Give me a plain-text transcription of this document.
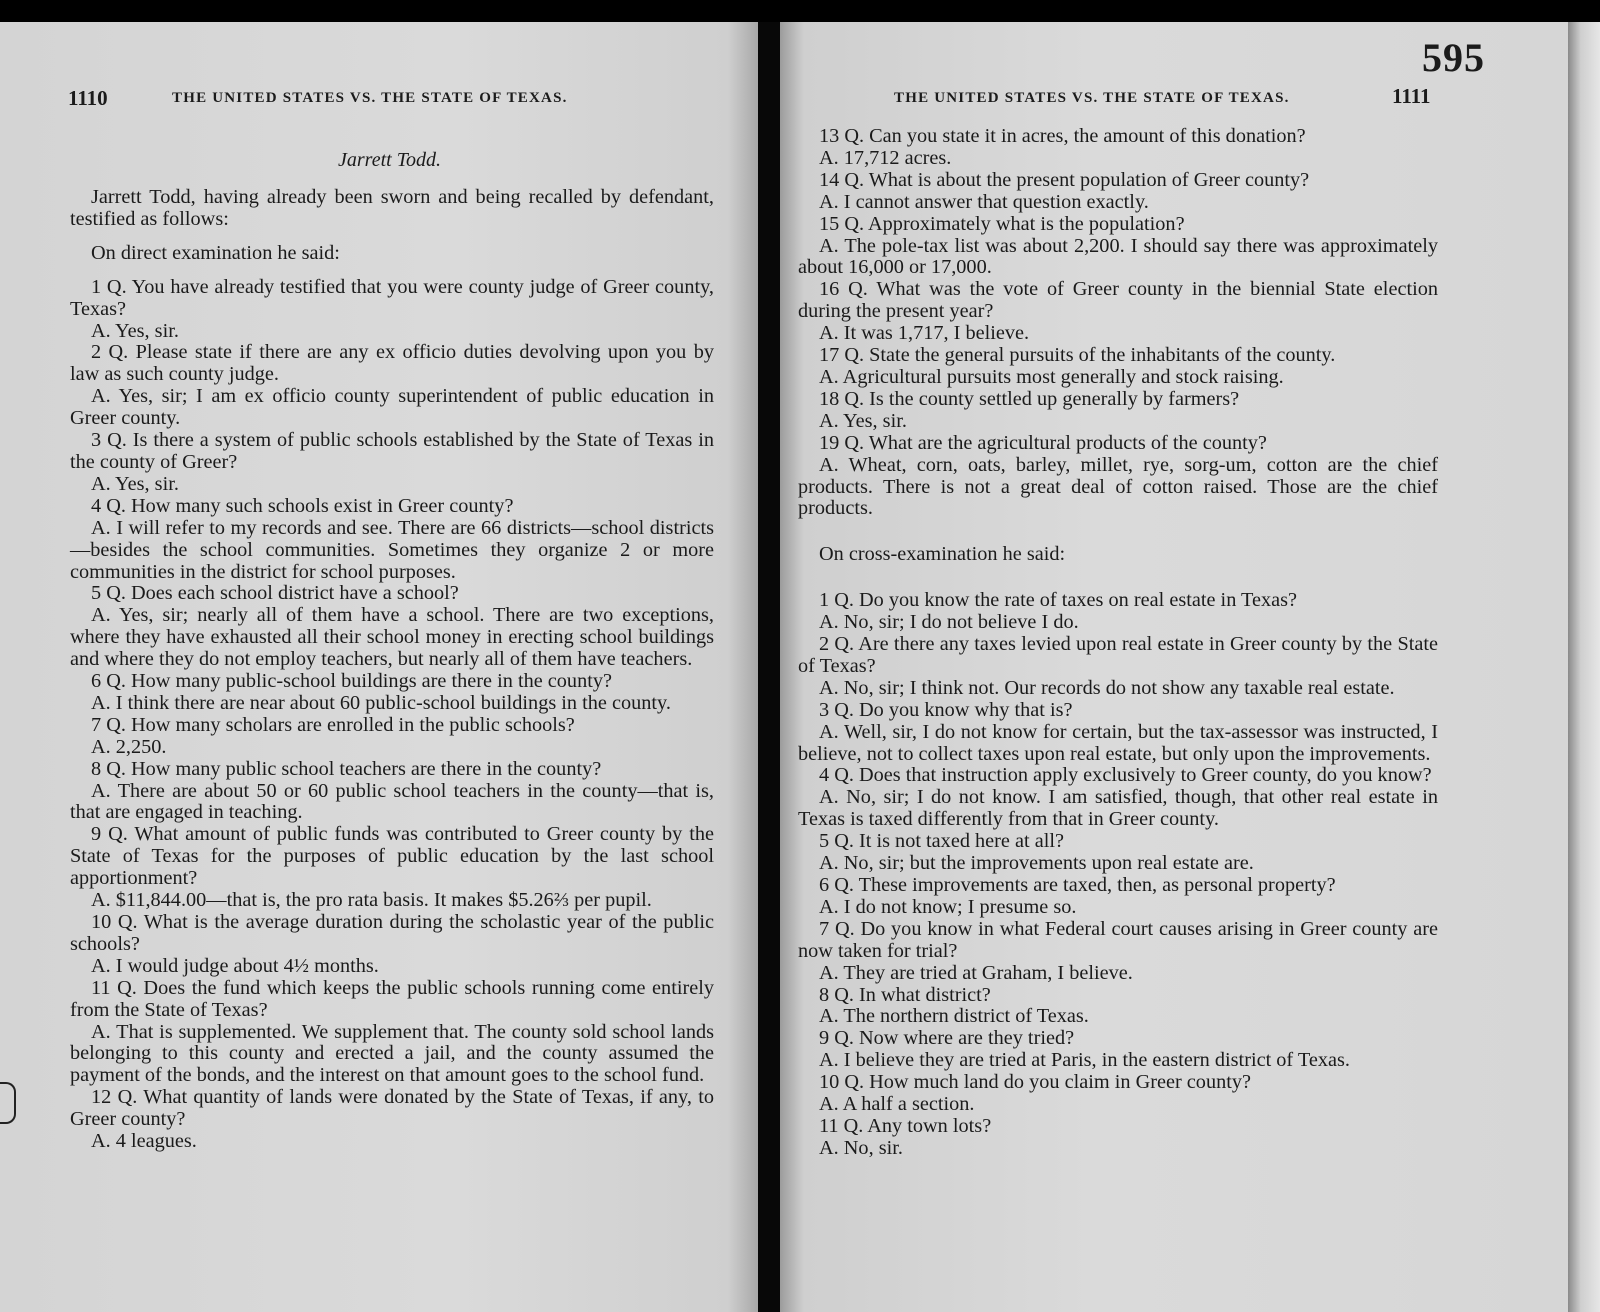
1110	THE UNITED STATES VS. THE STATE OF TEXAS.
Jarrett Todd.

Jarrett Todd, having already been sworn and being recalled by defendant, testified as follows:

On direct examination he said:

1 Q. You have already testified that you were county judge of Greer county, Texas?

A. Yes, sir.

2 Q. Please state if there are any ex officio duties devolving upon you by law as such county judge.

A. Yes, sir; I am ex officio county superintendent of public education in Greer county.

3 Q. Is there a system of public schools established by the State of Texas in the county of Greer?

A. Yes, sir.

4 Q. How many such schools exist in Greer county?

A. I will refer to my records and see. There are 66 districts—school districts—besides the school communities. Sometimes they organize 2 or more communities in the district for school purposes.

5 Q. Does each school district have a school?

A. Yes, sir; nearly all of them have a school. There are two exceptions, where they have exhausted all their school money in erecting school buildings and where they do not employ teachers, but nearly all of them have teachers.

6 Q. How many public-school buildings are there in the county?

A. I think there are near about 60 public-school buildings in the county.

7 Q. How many scholars are enrolled in the public schools?

A. 2,250.

8 Q. How many public school teachers are there in the county?

A. There are about 50 or 60 public school teachers in the county—that is, that are engaged in teaching.

9 Q. What amount of public funds was contributed to Greer county by the State of Texas for the purposes of public education by the last school apportionment?

A. $11,844.00—that is, the pro rata basis. It makes $5.26⅔ per pupil.

10 Q. What is the average duration during the scholastic year of the public schools?

A. I would judge about 4½ months.

11 Q. Does the fund which keeps the public schools running come entirely from the State of Texas?

A. That is supplemented. We supplement that. The county sold school lands belonging to this county and erected a jail, and the county assumed the payment of the bonds, and the interest on that amount goes to the school fund.

12 Q. What quantity of lands were donated by the State of Texas, if any, to Greer county?

A. 4 leagues.

595
THE UNITED STATES VS. THE STATE OF TEXAS.	1111

13 Q. Can you state it in acres, the amount of this donation?

A. 17,712 acres.

14 Q. What is about the present population of Greer county?

A. I cannot answer that question exactly.

15 Q. Approximately what is the population?

A. The pole-tax list was about 2,200. I should say there was approximately about 16,000 or 17,000.

16 Q. What was the vote of Greer county in the biennial State election during the present year?

A. It was 1,717, I believe.

17 Q. State the general pursuits of the inhabitants of the county.

A. Agricultural pursuits most generally and stock raising.

18 Q. Is the county settled up generally by farmers?

A. Yes, sir.

19 Q. What are the agricultural products of the county?

A. Wheat, corn, oats, barley, millet, rye, sorg-um, cotton are the chief products. There is not a great deal of cotton raised. Those are the chief products.

On cross-examination he said:

1 Q. Do you know the rate of taxes on real estate in Texas?

A. No, sir; I do not believe I do.

2 Q. Are there any taxes levied upon real estate in Greer county by the State of Texas?

A. No, sir; I think not. Our records do not show any taxable real estate.

3 Q. Do you know why that is?

A. Well, sir, I do not know for certain, but the tax-assessor was instructed, I believe, not to collect taxes upon real estate, but only upon the improvements.

4 Q. Does that instruction apply exclusively to Greer county, do you know?

A. No, sir; I do not know. I am satisfied, though, that other real estate in Texas is taxed differently from that in Greer county.

5 Q. It is not taxed here at all?

A. No, sir; but the improvements upon real estate are.

6 Q. These improvements are taxed, then, as personal property?

A. I do not know; I presume so.

7 Q. Do you know in what Federal court causes arising in Greer county are now taken for trial?

A. They are tried at Graham, I believe.

8 Q. In what district?

A. The northern district of Texas.

9 Q. Now where are they tried?

A. I believe they are tried at Paris, in the eastern district of Texas.

10 Q. How much land do you claim in Greer county?

A. A half a section.

11 Q. Any town lots?

A. No, sir.
